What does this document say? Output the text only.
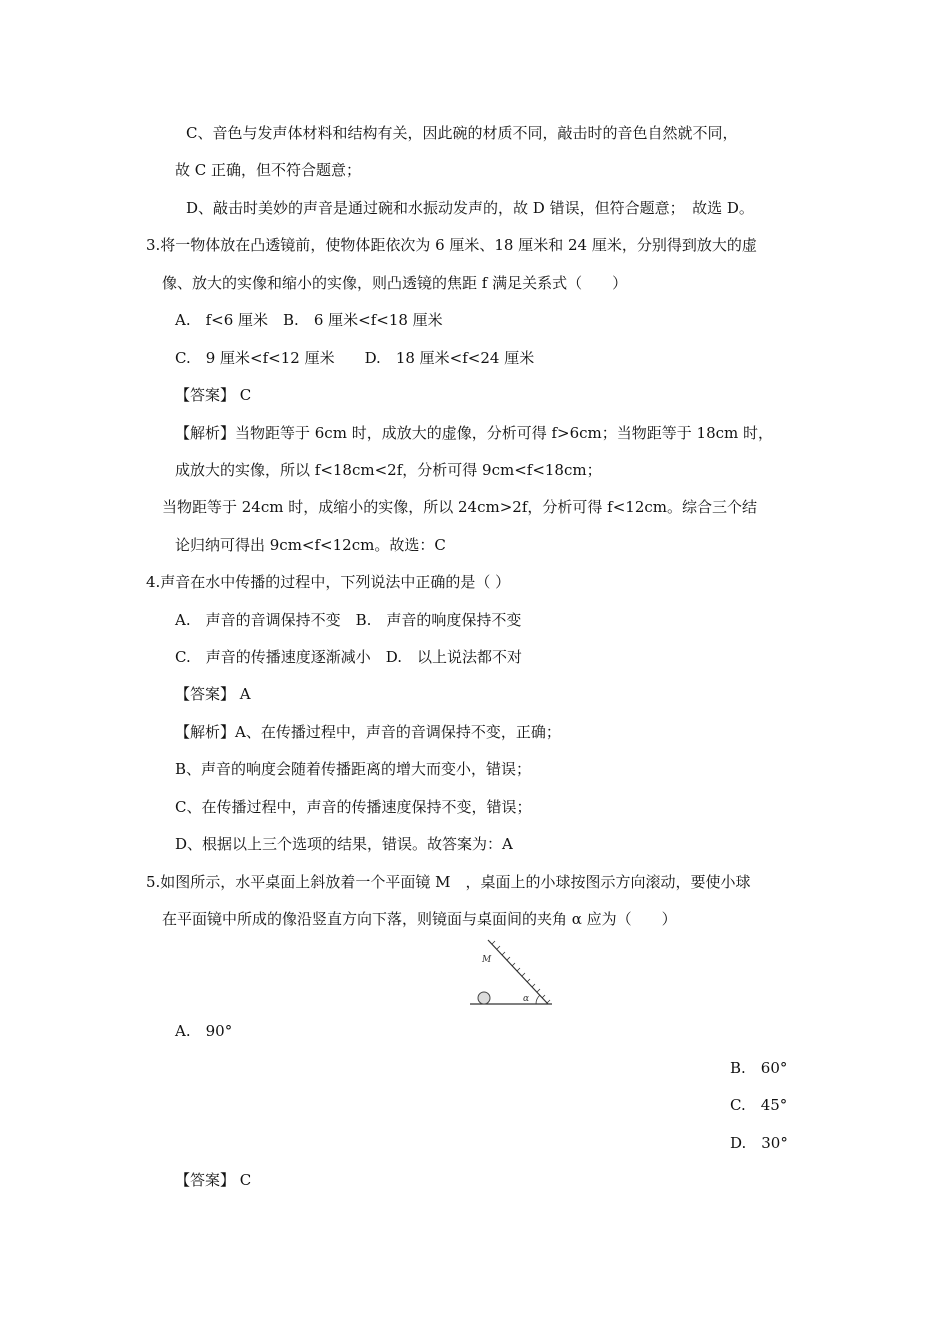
C、音色与发声体材料和结构有关，因此碗的材质不同，敲击时的音色自然就不同，
故 C 正确，但不符合题意；
D、敲击时美妙的声音是通过碗和水振动发声的，故 D 错误，但符合题意；　故选 D。
3.将一物体放在凸透镜前，使物体距依次为 6 厘米、18 厘米和 24 厘米，分别得到放大的虚
像、放大的实像和缩小的实像，则凸透镜的焦距 f 满足关系式（　　）
A.　f<6 厘米　B.　6 厘米<f<18 厘米
C.　9 厘米<f<12 厘米　　D.　18 厘米<f<24 厘米
【答案】 C
【解析】当物距等于 6cm 时，成放大的虚像，分析可得 f>6cm；当物距等于 18cm 时，
成放大的实像，所以 f<18cm<2f，分析可得 9cm<f<18cm；
当物距等于 24cm 时，成缩小的实像，所以 24cm>2f，分析可得 f<12cm。综合三个结
论归纳可得出 9cm<f<12cm。故选：C
4.声音在水中传播的过程中，下列说法中正确的是（ ）
A.　声音的音调保持不变　B.　声音的响度保持不变
C.　声音的传播速度逐渐减小　D.　以上说法都不对
【答案】 A
【解析】A、在传播过程中，声音的音调保持不变，正确；
B、声音的响度会随着传播距离的增大而变小，错误；
C、在传播过程中，声音的传播速度保持不变，错误；
D、根据以上三个选项的结果，错误。故答案为：A
5.如图所示，水平桌面上斜放着一个平面镜 M　，桌面上的小球按图示方向滚动，要使小球
在平面镜中所成的像沿竖直方向下落，则镜面与桌面间的夹角 α 应为（　　）
M
α
A.　90°
B.　60°
C.　45°
D.　30°
【答案】 C
